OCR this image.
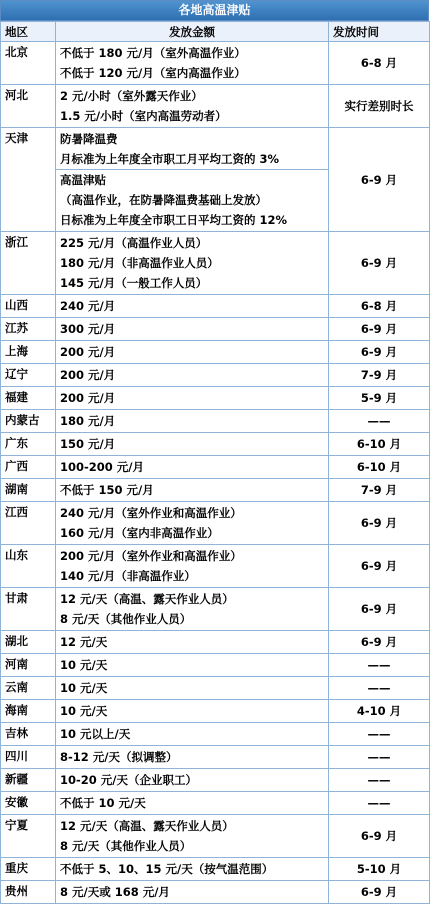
各地高温津贴
地区	发放金额	发放时间
北京	不低于 180 元/月（室外高温作业）
不低于 120 元/月（室内高温作业）	6-8 月
河北	2 元/小时（室外露天作业）
1.5 元/小时（室内高温劳动者）	实行差别时长
天津	防暑降温费
月标准为上年度全市职工月平均工资的 3%
高温津贴
（高温作业，在防暑降温费基础上发放）
日标准为上年度全市职工日平均工资的 12%	6-9 月
浙江	225 元/月（高温作业人员）
180 元/月（非高温作业人员）
145 元/月（一般工作人员）	6-9 月
山西	240 元/月	6-8 月
江苏	300 元/月	6-9 月
上海	200 元/月	6-9 月
辽宁	200 元/月	7-9 月
福建	200 元/月	5-9 月
内蒙古	180 元/月	——
广东	150 元/月	6-10 月
广西	100-200 元/月	6-10 月
湖南	不低于 150 元/月	7-9 月
江西	240 元/月（室外作业和高温作业）
160 元/月（室内非高温作业）	6-9 月
山东	200 元/月（室外作业和高温作业）
140 元/月（非高温作业）	6-9 月
甘肃	12 元/天（高温、露天作业人员）
8 元/天（其他作业人员）	6-9 月
湖北	12 元/天	6-9 月
河南	10 元/天	——
云南	10 元/天	——
海南	10 元/天	4-10 月
吉林	10 元以上/天	——
四川	8-12 元/天（拟调整）	——
新疆	10-20 元/天（企业职工）	——
安徽	不低于 10 元/天	——
宁夏	12 元/天（高温、露天作业人员）
8 元/天（其他作业人员）	6-9 月
重庆	不低于 5、10、15 元/天（按气温范围）	5-10 月
贵州	8 元/天或 168 元/月	6-9 月
